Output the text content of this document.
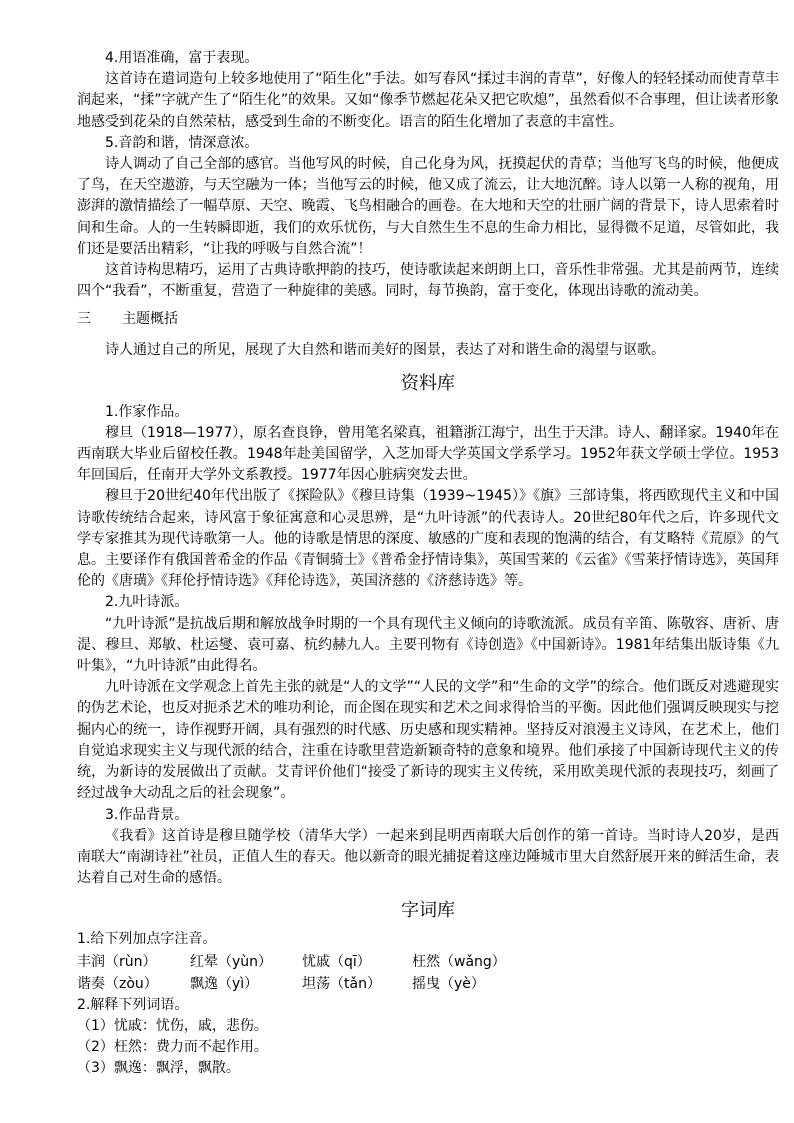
4.用语准确，富于表现。

这首诗在遣词造句上较多地使用了“陌生化”手法。如写春风“揉过丰润的青草”，好像人的轻轻揉动而使青草丰润起来，“揉”字就产生了“陌生化”的效果。又如“像季节燃起花朵又把它吹熄”，虽然看似不合事理，但让读者形象地感受到花朵的自然荣枯，感受到生命的不断变化。语言的陌生化增加了表意的丰富性。

5.音韵和谐，情深意浓。

诗人调动了自己全部的感官。当他写风的时候，自己化身为风，抚摸起伏的青草；当他写飞鸟的时候，他便成了鸟，在天空遨游，与天空融为一体；当他写云的时候，他又成了流云，让大地沉醉。诗人以第一人称的视角，用澎湃的激情描绘了一幅草原、天空、晚霞、飞鸟相融合的画卷。在大地和天空的壮丽广阔的背景下，诗人思索着时间和生命。人的一生转瞬即逝，我们的欢乐忧伤，与大自然生生不息的生命力相比，显得微不足道，尽管如此，我们还是要活出精彩，“让我的呼吸与自然合流”！

这首诗构思精巧，运用了古典诗歌押韵的技巧，使诗歌读起来朗朗上口，音乐性非常强。尤其是前两节，连续四个“我看”，不断重复，营造了一种旋律的美感。同时，每节换韵，富于变化，体现出诗歌的流动美。

三 主题概括

诗人通过自己的所见，展现了大自然和谐而美好的图景，表达了对和谐生命的渴望与讴歌。

资料库

1.作家作品。

穆旦（1918—1977），原名查良铮，曾用笔名梁真，祖籍浙江海宁，出生于天津。诗人、翻译家。1940年在西南联大毕业后留校任教。1948年赴美国留学，入芝加哥大学英国文学系学习。1952年获文学硕士学位。1953年回国后，任南开大学外文系教授。1977年因心脏病突发去世。

穆旦于20世纪40年代出版了《探险队》《穆旦诗集（1939~1945）》《旗》三部诗集，将西欧现代主义和中国诗歌传统结合起来，诗风富于象征寓意和心灵思辨，是“九叶诗派”的代表诗人。20世纪80年代之后，许多现代文学专家推其为现代诗歌第一人。他的诗歌是情思的深度、敏感的广度和表现的饱满的结合，有艾略特《荒原》的气息。主要译作有俄国普希金的作品《青铜骑士》《普希金抒情诗集》，英国雪莱的《云雀》《雪莱抒情诗选》，英国拜伦的《唐璜》《拜伦抒情诗选》《拜伦诗选》，英国济慈的《济慈诗选》等。

2.九叶诗派。

“九叶诗派”是抗战后期和解放战争时期的一个具有现代主义倾向的诗歌流派。成员有辛笛、陈敬容、唐祈、唐湜、穆旦、郑敏、杜运燮、袁可嘉、杭约赫九人。主要刊物有《诗创造》《中国新诗》。1981年结集出版诗集《九叶集》，“九叶诗派”由此得名。

九叶诗派在文学观念上首先主张的就是“人的文学”“人民的文学”和“生命的文学”的综合。他们既反对逃避现实的伪艺术论，也反对扼杀艺术的唯功利论，而企图在现实和艺术之间求得恰当的平衡。因此他们强调反映现实与挖掘内心的统一，诗作视野开阔，具有强烈的时代感、历史感和现实精神。坚持反对浪漫主义诗风，在艺术上，他们自觉追求现实主义与现代派的结合，注重在诗歌里营造新颖奇特的意象和境界。他们承接了中国新诗现代主义的传统，为新诗的发展做出了贡献。艾青评价他们“接受了新诗的现实主义传统，采用欧美现代派的表现技巧，刻画了经过战争大动乱之后的社会现象”。

3.作品背景。

《我看》这首诗是穆旦随学校（清华大学）一起来到昆明西南联大后创作的第一首诗。当时诗人20岁，是西南联大“南湖诗社”社员，正值人生的春天。他以新奇的眼光捕捉着这座边陲城市里大自然舒展开来的鲜活生命，表达着自己对生命的感悟。

字词库

1.给下列加点字注音。

丰润（rùn） 红晕（yùn） 忧戚（qī）	枉然（wǎng）
谐奏（zòu） 飘逸（yì）	坦荡（tǎn） 摇曳（yè）

2.解释下列词语。

（1）忧戚：忧伤，戚，悲伤。

（2）枉然：费力而不起作用。

（3）飘逸：飘浮，飘散。
